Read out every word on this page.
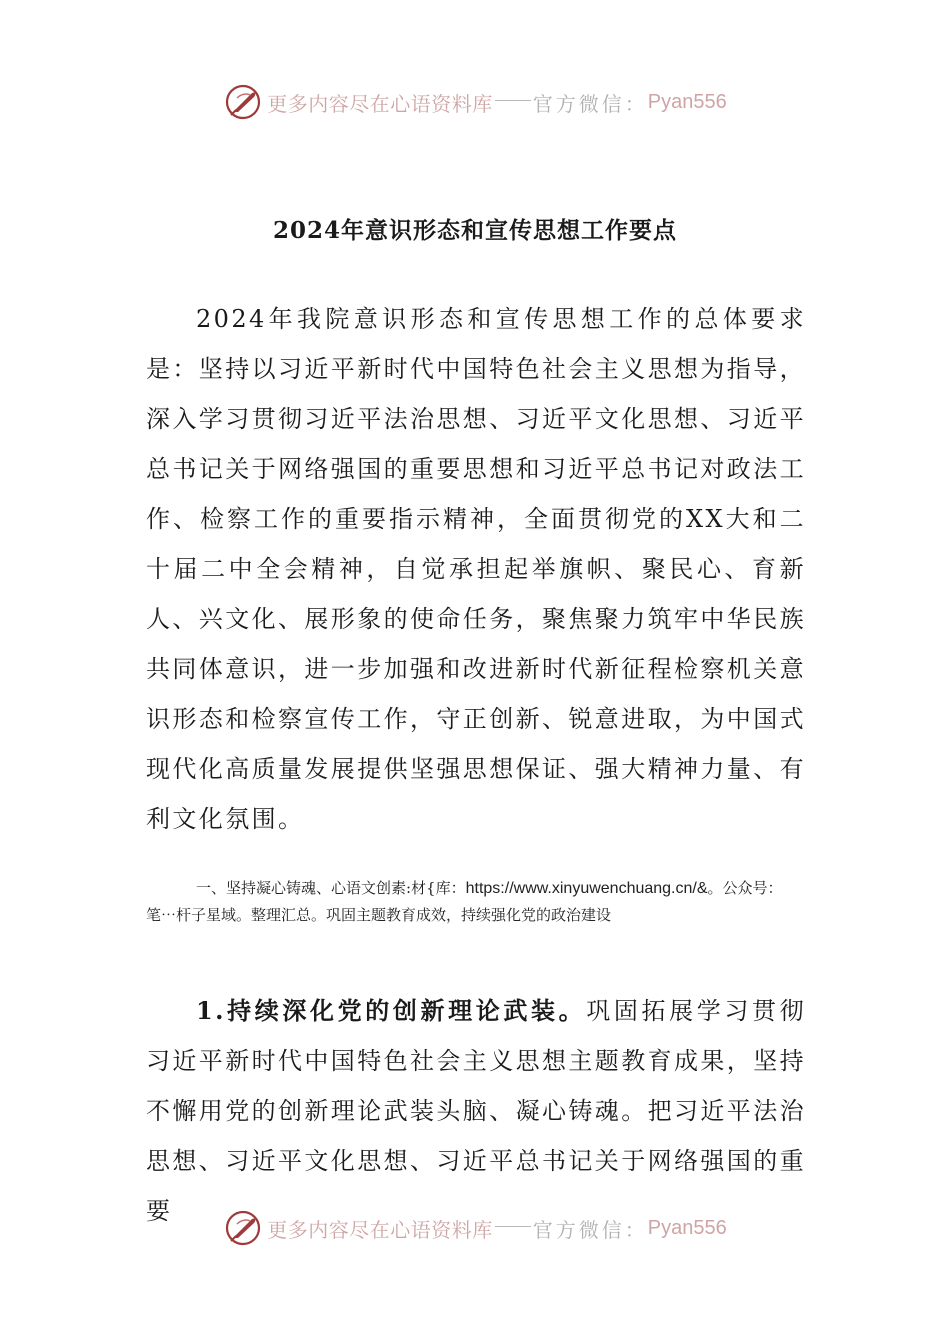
更多内容尽在心语资料库 官方微信： Pyan556
2024年意识形态和宣传思想工作要点

2024年我院意识形态和宣传思想工作的总体要求是：坚持以习近平新时代中国特色社会主义思想为指导，深入学习贯彻习近平法治思想、习近平文化思想、习近平总书记关于网络强国的重要思想和习近平总书记对政法工作、检察工作的重要指示精神，全面贯彻党的XX大和二十届二中全会精神，自觉承担起举旗帜、聚民心、育新人、兴文化、展形象的使命任务，聚焦聚力筑牢中华民族共同体意识，进一步加强和改进新时代新征程检察机关意识形态和检察宣传工作，守正创新、锐意进取，为中国式现代化高质量发展提供坚强思想保证、强大精神力量、有利文化氛围。

一、坚持凝心铸魂、心语文创素:材{库：https://www.xinyuwenchuang.cn/&。公众号：笔⋯杆子星域。整理汇总。巩固主题教育成效，持续强化党的政治建设

1.持续深化党的创新理论武装。巩固拓展学习贯彻习近平新时代中国特色社会主义思想主题教育成果，坚持不懈用党的创新理论武装头脑、凝心铸魂。把习近平法治思想、习近平文化思想、习近平总书记关于网络强国的重要

更多内容尽在心语资料库 官方微信： Pyan556
